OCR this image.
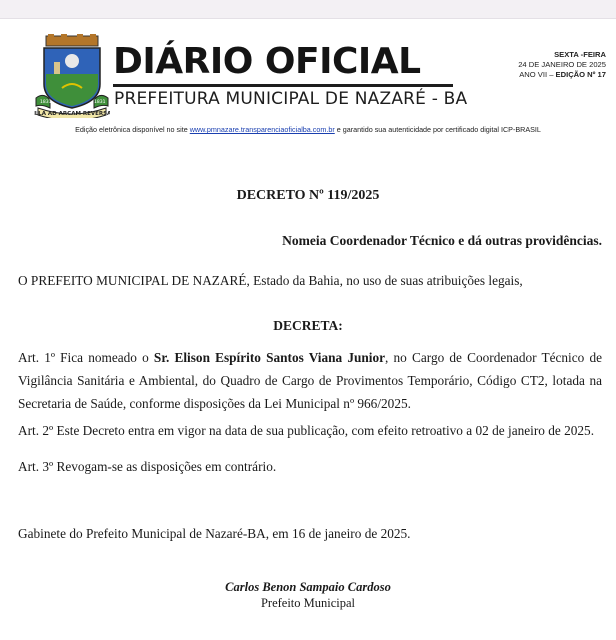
ILLA AD ARCAM REVERSA
1831	1831
DIÁRIO OFICIAL
PREFEITURA MUNICIPAL DE NAZARÉ - BA
SEXTA -FEIRA
24 DE JANEIRO DE 2025
ANO VII – EDIÇÃO Nº 17
Edição eletrônica disponível no site www.pmnazare.transparenciaoficialba.com.br e garantido sua autenticidade por certificado digital ICP-BRASIL
DECRETO Nº 119/2025
Nomeia Coordenador Técnico e dá outras providências.
O PREFEITO MUNICIPAL DE NAZARÉ, Estado da Bahia, no uso de suas atribuições legais,
DECRETA:
Art. 1º Fica nomeado o Sr. Elison Espírito Santos Viana Junior, no Cargo de Coordenador Técnico de Vigilância Sanitária e Ambiental, do Quadro de Cargo de Provimentos Temporário, Código CT2, lotada na Secretaria de Saúde, conforme disposições da Lei Municipal nº 966/2025.
Art. 2º Este Decreto entra em vigor na data de sua publicação, com efeito retroativo a 02 de janeiro de 2025.
Art. 3º Revogam-se as disposições em contrário.
Gabinete do Prefeito Municipal de Nazaré-BA, em 16 de janeiro de 2025.
Carlos Benon Sampaio Cardoso
Prefeito Municipal
